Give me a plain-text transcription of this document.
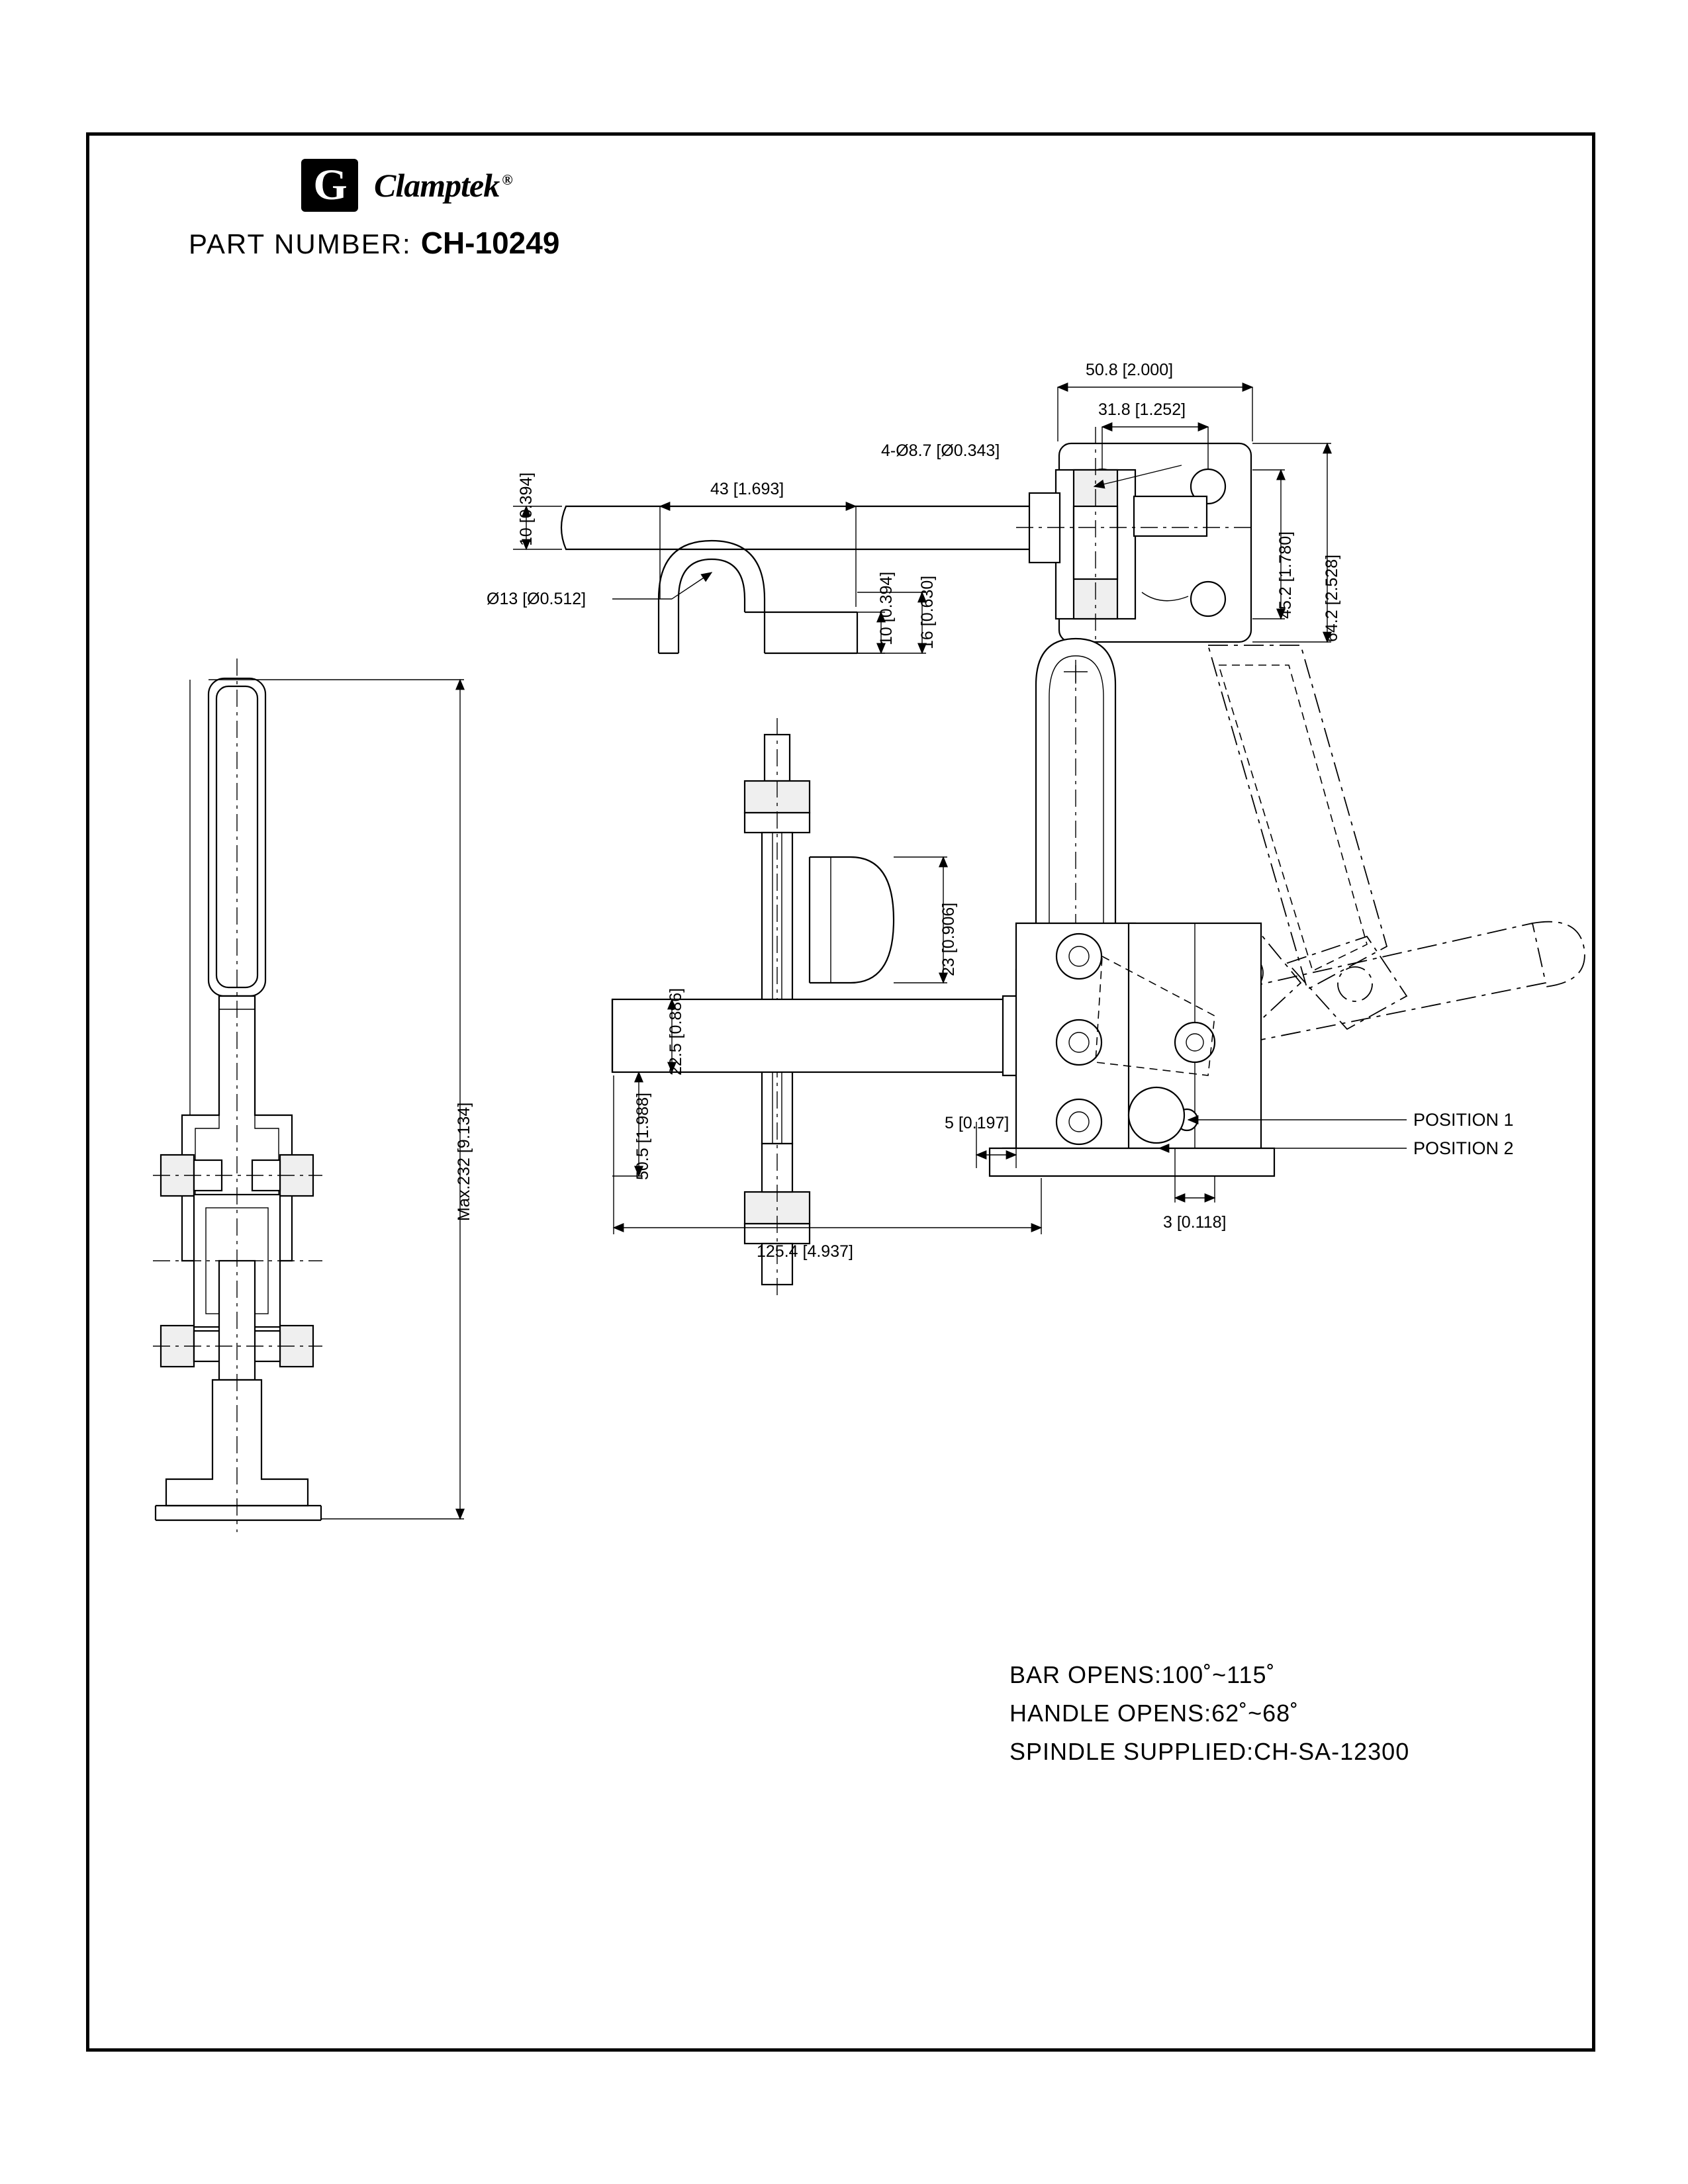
G Clamptek ®
PART NUMBER: CH-10249
50.8 [2.000]
31.8 [1.252]
4-Ø8.7 [Ø0.343]
10 [0.394]
45.2 [1.780] 64.2 [2.528]
43 [1.693]
Ø13 [Ø0.512]	10 [0.394] 16 [0.630]
23 [0.906]
Max.232 [9.134]
22.5 [0.886]
50.5 [1.988]	5 [0.197]
125.4 [4.937]
3 [0.118]
POSITION 1
POSITION 2
BAR OPENS:100˚~115˚
HANDLE OPENS:62˚~68˚
SPINDLE SUPPLIED:CH-SA-12300
